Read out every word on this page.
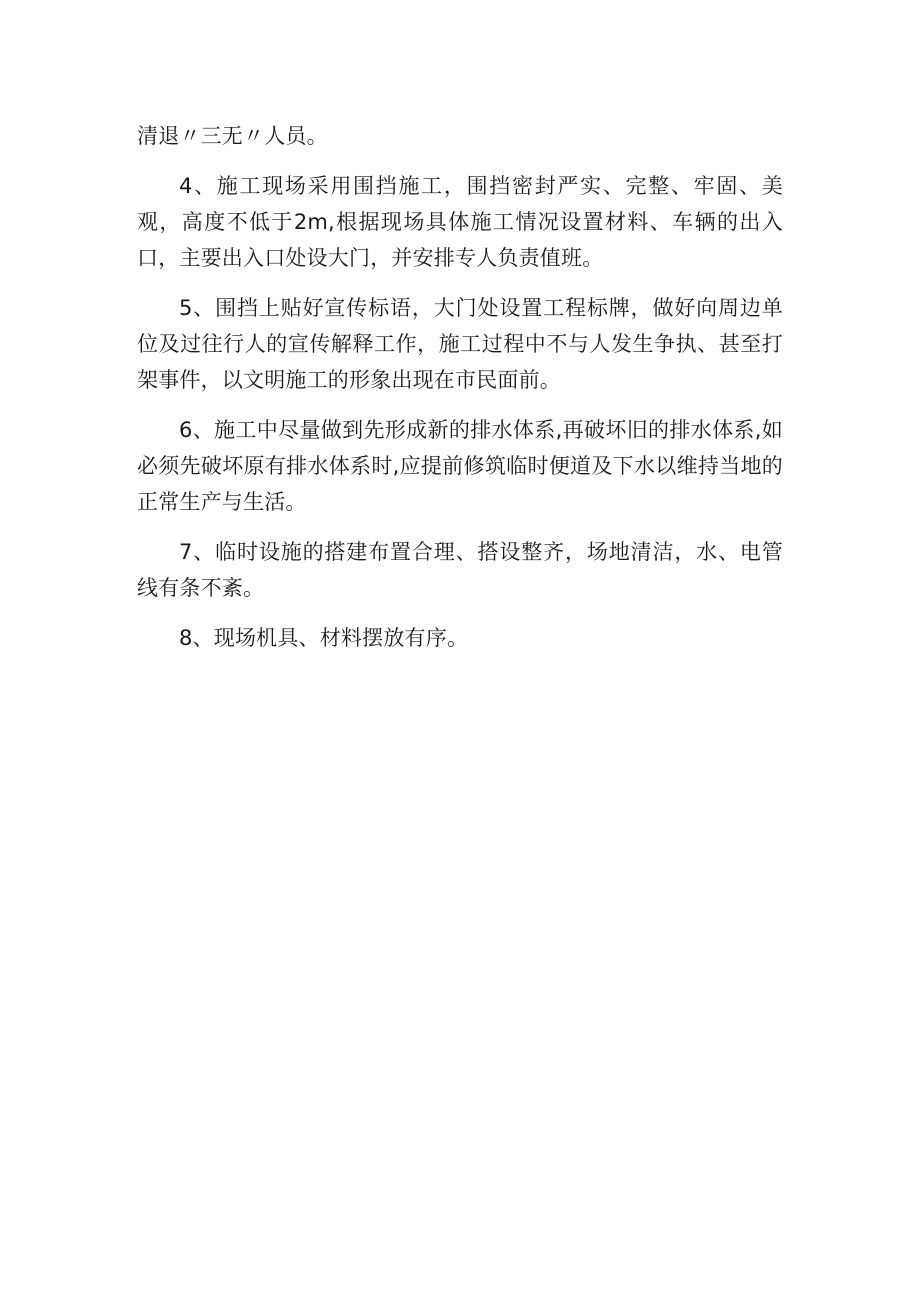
清退〃三无〃人员。

4、施工现场采用围挡施工，围挡密封严实、完整、牢固、美观，高度不低于2m,根据现场具体施工情况设置材料、车辆的出入口，主要出入口处设大门，并安排专人负责值班。

5、围挡上贴好宣传标语，大门处设置工程标牌，做好向周边单位及过往行人的宣传解释工作，施工过程中不与人发生争执、甚至打架事件，以文明施工的形象出现在市民面前。

6、施工中尽量做到先形成新的排水体系,再破坏旧的排水体系,如必须先破坏原有排水体系时,应提前修筑临时便道及下水以维持当地的正常生产与生活。

7、临时设施的搭建布置合理、搭设整齐，场地清洁，水、电管线有条不紊。

8、现场机具、材料摆放有序。
